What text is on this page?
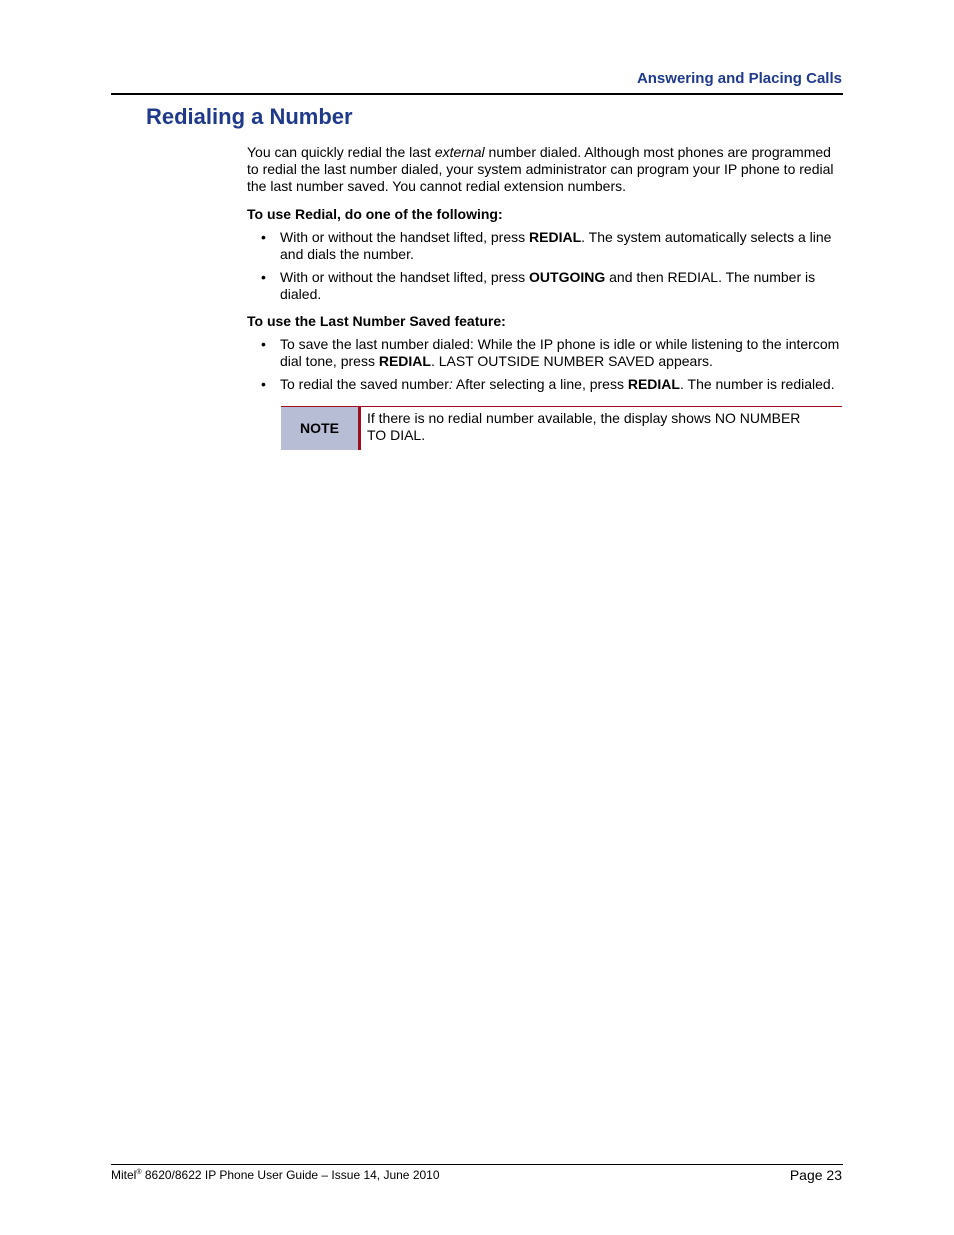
Answering and Placing Calls
Redialing a Number

You can quickly redial the last external number dialed. Although most phones are programmed to redial the last number dialed, your system administrator can program your IP phone to redial the last number saved. You cannot redial extension numbers.

To use Redial, do one of the following:

• With or without the handset lifted, press REDIAL. The system automatically selects a line and dials the number.
• With or without the handset lifted, press OUTGOING and then REDIAL. The number is dialed.

To use the Last Number Saved feature:

• To save the last number dialed: While the IP phone is idle or while listening to the intercom dial tone, press REDIAL. LAST OUTSIDE NUMBER SAVED appears.
• To redial the saved number: After selecting a line, press REDIAL. The number is redialed.
NOTE
If there is no redial number available, the display shows NO NUMBER TO DIAL.
Mitel® 8620/8622 IP Phone User Guide – Issue 14, June 2010	Page 23
